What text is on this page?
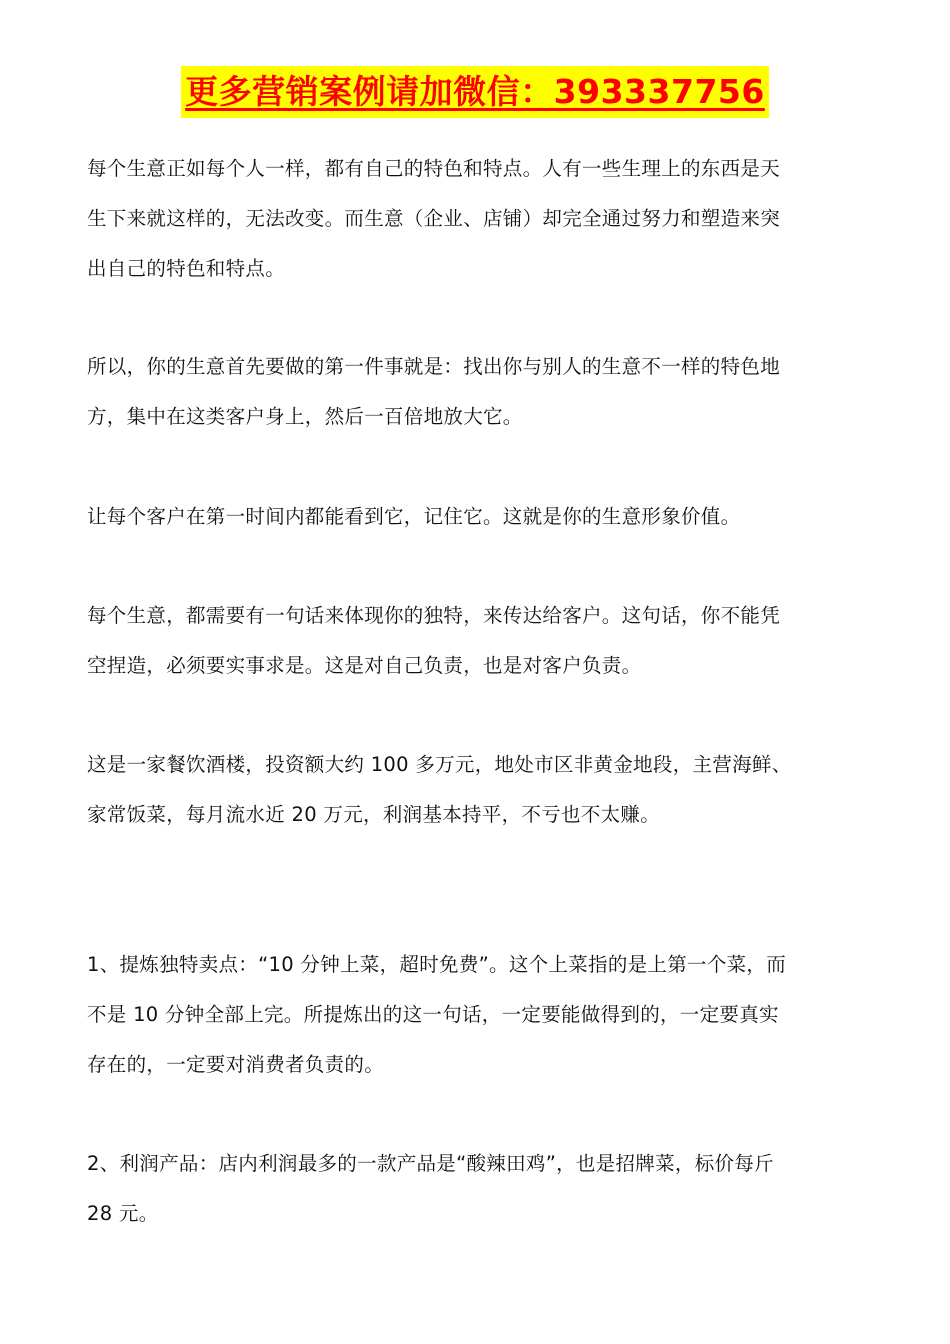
更多营销案例请加微信：393337756
每个生意正如每个人一样，都有自己的特色和特点。人有一些生理上的东西是天
生下来就这样的，无法改变。而生意（企业、店铺）却完全通过努力和塑造来突
出自己的特色和特点。
所以，你的生意首先要做的第一件事就是：找出你与别人的生意不一样的特色地
方，集中在这类客户身上，然后一百倍地放大它。
让每个客户在第一时间内都能看到它，记住它。这就是你的生意形象价值。
每个生意，都需要有一句话来体现你的独特，来传达给客户。这句话，你不能凭
空捏造，必须要实事求是。这是对自己负责，也是对客户负责。
这是一家餐饮酒楼，投资额大约 100 多万元，地处市区非黄金地段，主营海鲜、
家常饭菜，每月流水近 20 万元，利润基本持平，不亏也不太赚。
1、提炼独特卖点：“10 分钟上菜，超时免费”。这个上菜指的是上第一个菜，而
不是 10 分钟全部上完。所提炼出的这一句话，一定要能做得到的，一定要真实
存在的，一定要对消费者负责的。
2、利润产品：店内利润最多的一款产品是“酸辣田鸡”，也是招牌菜，标价每斤
28 元。
